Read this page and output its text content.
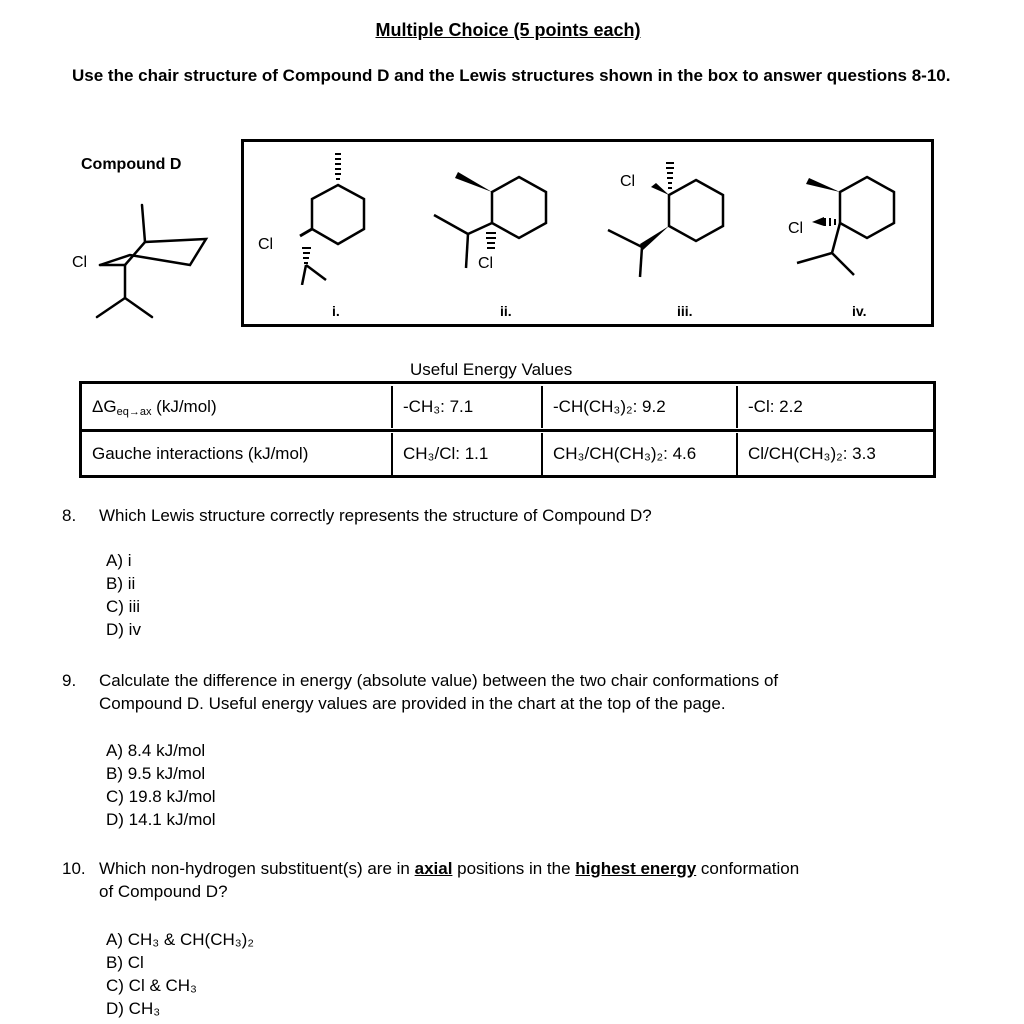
Multiple Choice (5 points each)
Use the chair structure of Compound D and the Lewis structures shown in the box to answer questions 8-10.
Compound D
Cl
Cl
i.
Cl
ii.
Cl
iii.
Cl
iv.
Useful Energy Values
$\Delta G_{eq\to ax}$ (kJ/mol)	-CH₃: 7.1	-CH(CH₃)₂: 9.2	-Cl: 2.2
Gauche interactions (kJ/mol)	CH₃/Cl: 1.1	CH₃/CH(CH₃)₂: 4.6	Cl/CH(CH₃)₂: 3.3
8. Which Lewis structure correctly represents the structure of Compound D?
A) i
B) ii
C) iii
D) iv
9. Calculate the difference in energy (absolute value) between the two chair conformations of
Compound D. Useful energy values are provided in the chart at the top of the page.
A) 8.4 kJ/mol
B) 9.5 kJ/mol
C) 19.8 kJ/mol
D) 14.1 kJ/mol
10. Which non-hydrogen substituent(s) are in axial positions in the highest energy conformation
of Compound D?
A) CH₃ & CH(CH₃)₂
B) Cl
C) Cl & CH₃
D) CH₃
